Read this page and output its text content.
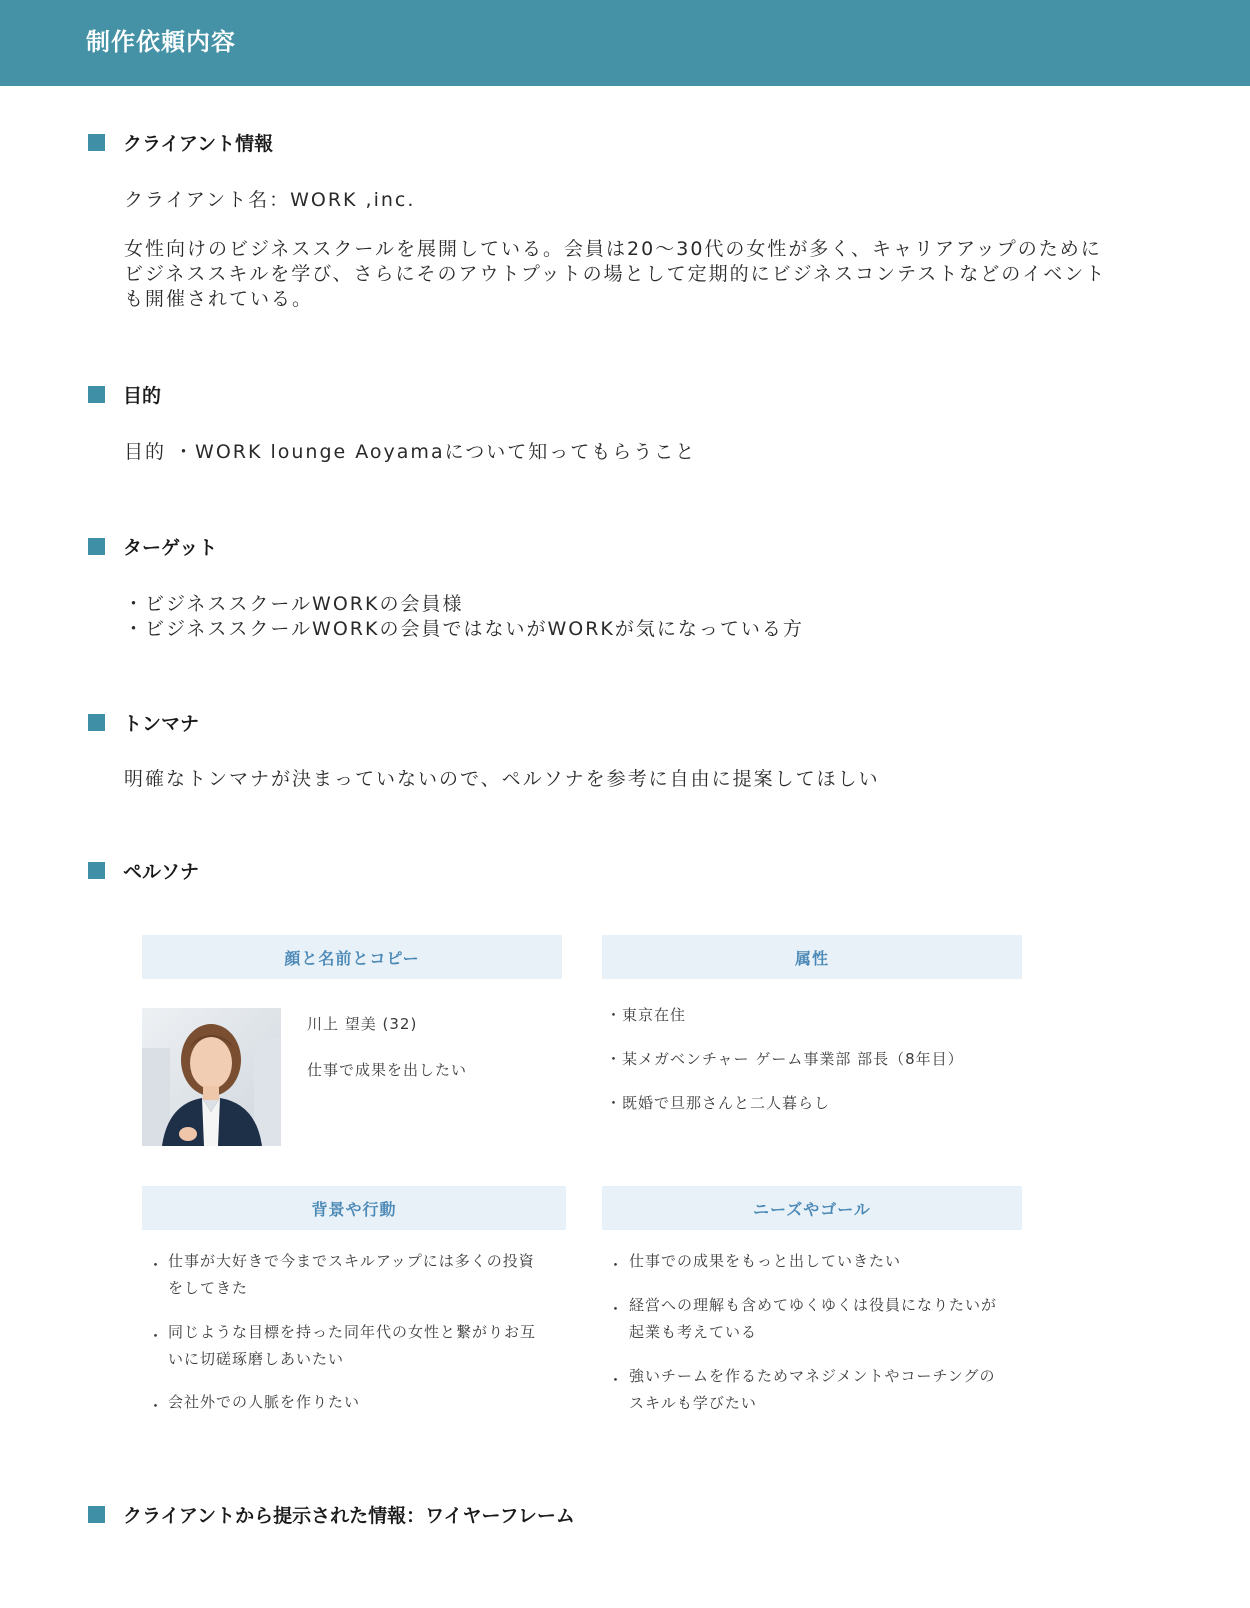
制作依頼内容
クライアント情報
クライアント名：WORK ,inc.
女性向けのビジネススクールを展開している。会員は20〜30代の女性が多く、キャリアアップのために
ビジネススキルを学び、さらにそのアウトプットの場として定期的にビジネスコンテストなどのイベント
も開催されている。
目的
目的 ・WORK lounge Aoyamaについて知ってもらうこと
ターゲット
・ビジネススクールWORKの会員様
・ビジネススクールWORKの会員ではないがWORKが気になっている方
トンマナ
明確なトンマナが決まっていないので、ペルソナを参考に自由に提案してほしい
ペルソナ
顔と名前とコピー
川上 望美 (32)
仕事で成果を出したい
属性
・東京在住
・某メガベンチャー ゲーム事業部 部長（8年目）
・既婚で旦那さんと二人暮らし
背景や行動
・ 仕事が大好きで今までスキルアップには多くの投資
をしてきた
・ 同じような目標を持った同年代の女性と繋がりお互
いに切磋琢磨しあいたい
・ 会社外での人脈を作りたい
ニーズやゴール
・ 仕事での成果をもっと出していきたい
・ 経営への理解も含めてゆくゆくは役員になりたいが
起業も考えている
・ 強いチームを作るためマネジメントやコーチングの
スキルも学びたい
クライアントから提示された情報：ワイヤーフレーム
